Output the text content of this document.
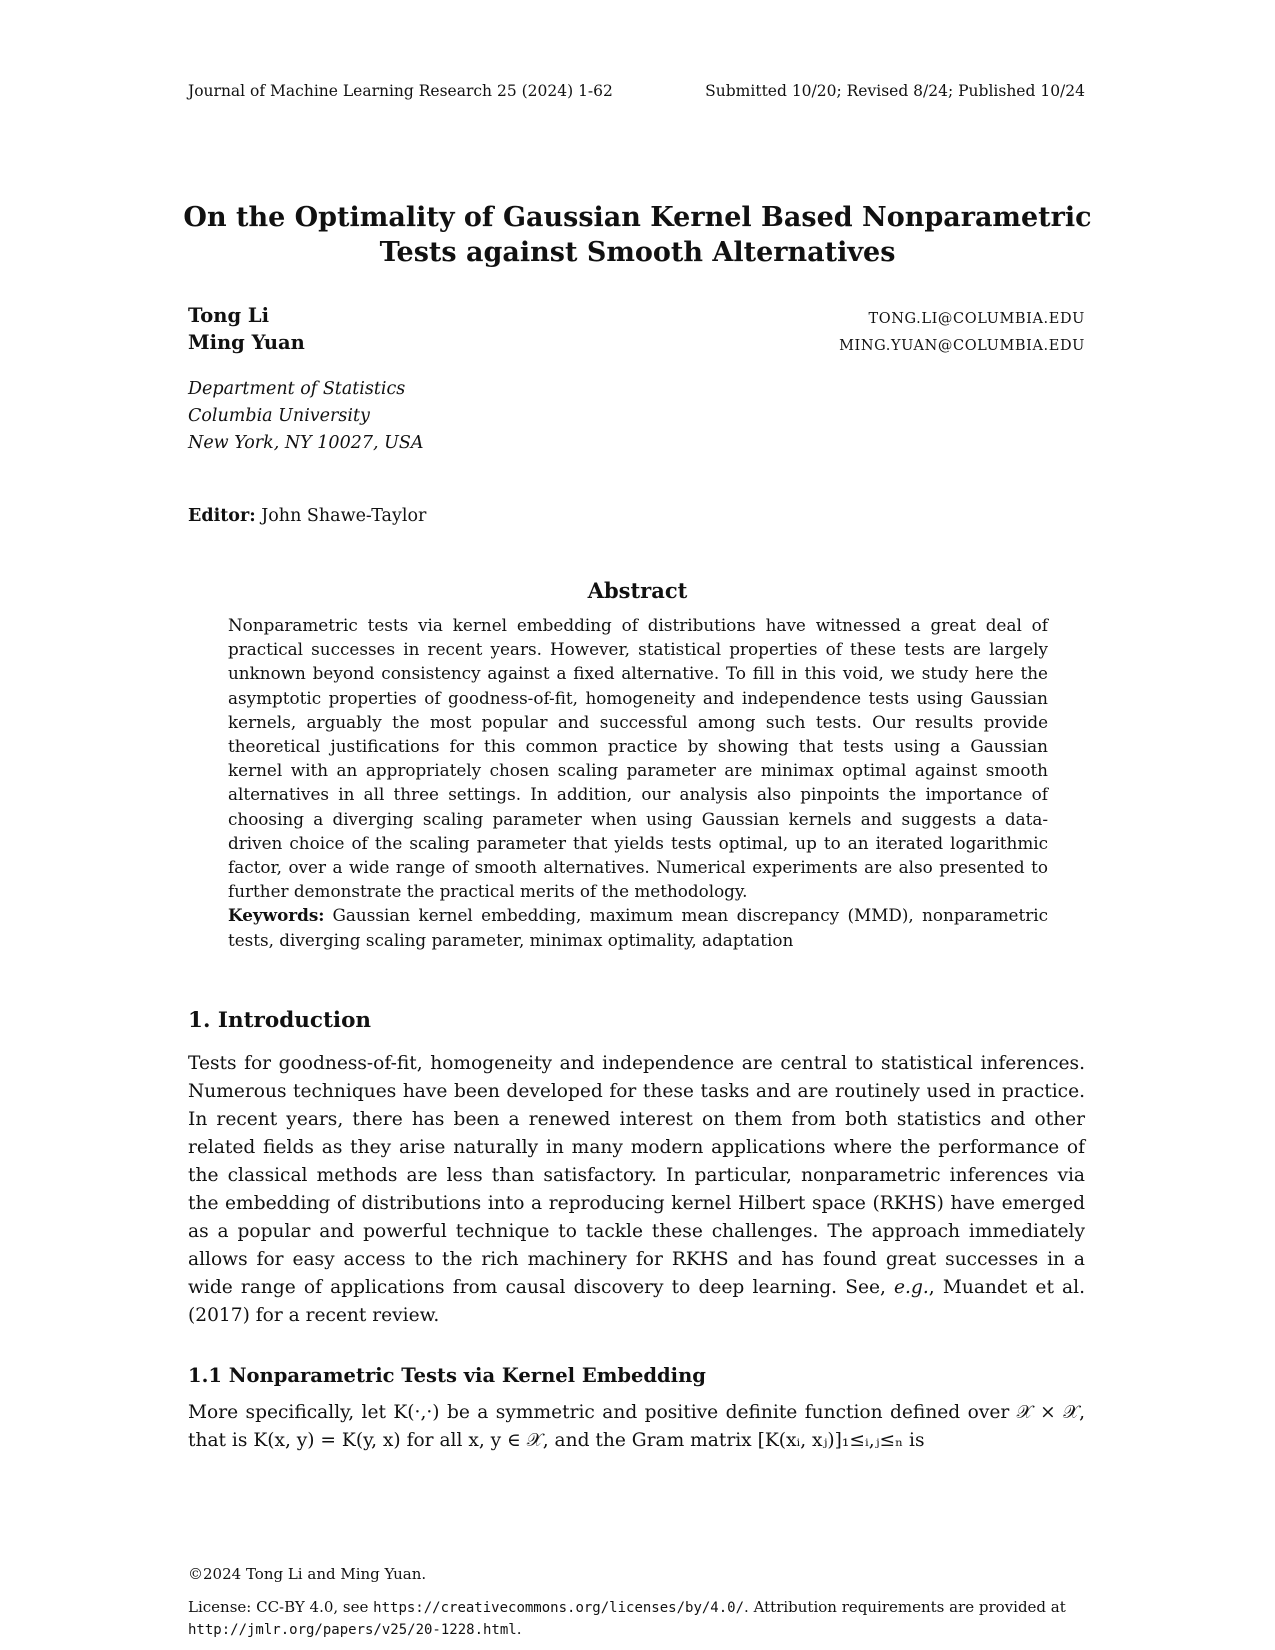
Journal of Machine Learning Research 25 (2024) 1-62	Submitted 10/20; Revised 8/24; Published 10/24
On the Optimality of Gaussian Kernel Based Nonparametric
Tests against Smooth Alternatives
Tong Li	TONG.LI@COLUMBIA.EDU
Ming Yuan	MING.YUAN@COLUMBIA.EDU
Department of Statistics
Columbia University
New York, NY 10027, USA
Editor: John Shawe-Taylor
Abstract

Nonparametric tests via kernel embedding of distributions have witnessed a great deal of practical successes in recent years. However, statistical properties of these tests are largely unknown beyond consistency against a fixed alternative. To fill in this void, we study here the asymptotic properties of goodness-of-fit, homogeneity and independence tests using Gaussian kernels, arguably the most popular and successful among such tests. Our results provide theoretical justifications for this common practice by showing that tests using a Gaussian kernel with an appropriately chosen scaling parameter are minimax optimal against smooth alternatives in all three settings. In addition, our analysis also pinpoints the importance of choosing a diverging scaling parameter when using Gaussian kernels and suggests a data-driven choice of the scaling parameter that yields tests optimal, up to an iterated logarithmic factor, over a wide range of smooth alternatives. Numerical experiments are also presented to further demonstrate the practical merits of the methodology.

Keywords: Gaussian kernel embedding, maximum mean discrepancy (MMD), nonparametric tests, diverging scaling parameter, minimax optimality, adaptation

1. Introduction
Tests for goodness-of-fit, homogeneity and independence are central to statistical inferences. Numerous techniques have been developed for these tasks and are routinely used in practice. In recent years, there has been a renewed interest on them from both statistics and other related fields as they arise naturally in many modern applications where the performance of the classical methods are less than satisfactory. In particular, nonparametric inferences via the embedding of distributions into a reproducing kernel Hilbert space (RKHS) have emerged as a popular and powerful technique to tackle these challenges. The approach immediately allows for easy access to the rich machinery for RKHS and has found great successes in a wide range of applications from causal discovery to deep learning. See, e.g., Muandet et al. (2017) for a recent review.
1.1 Nonparametric Tests via Kernel Embedding
More specifically, let K(·,·) be a symmetric and positive definite function defined over 𝒳 × 𝒳, that is K(x, y) = K(y, x) for all x, y ∈ 𝒳, and the Gram matrix [K(xᵢ, xⱼ)]₁≤ᵢ,ⱼ≤ₙ is
©2024 Tong Li and Ming Yuan.
License: CC-BY 4.0, see https://creativecommons.org/licenses/by/4.0/. Attribution requirements are provided at http://jmlr.org/papers/v25/20-1228.html.
